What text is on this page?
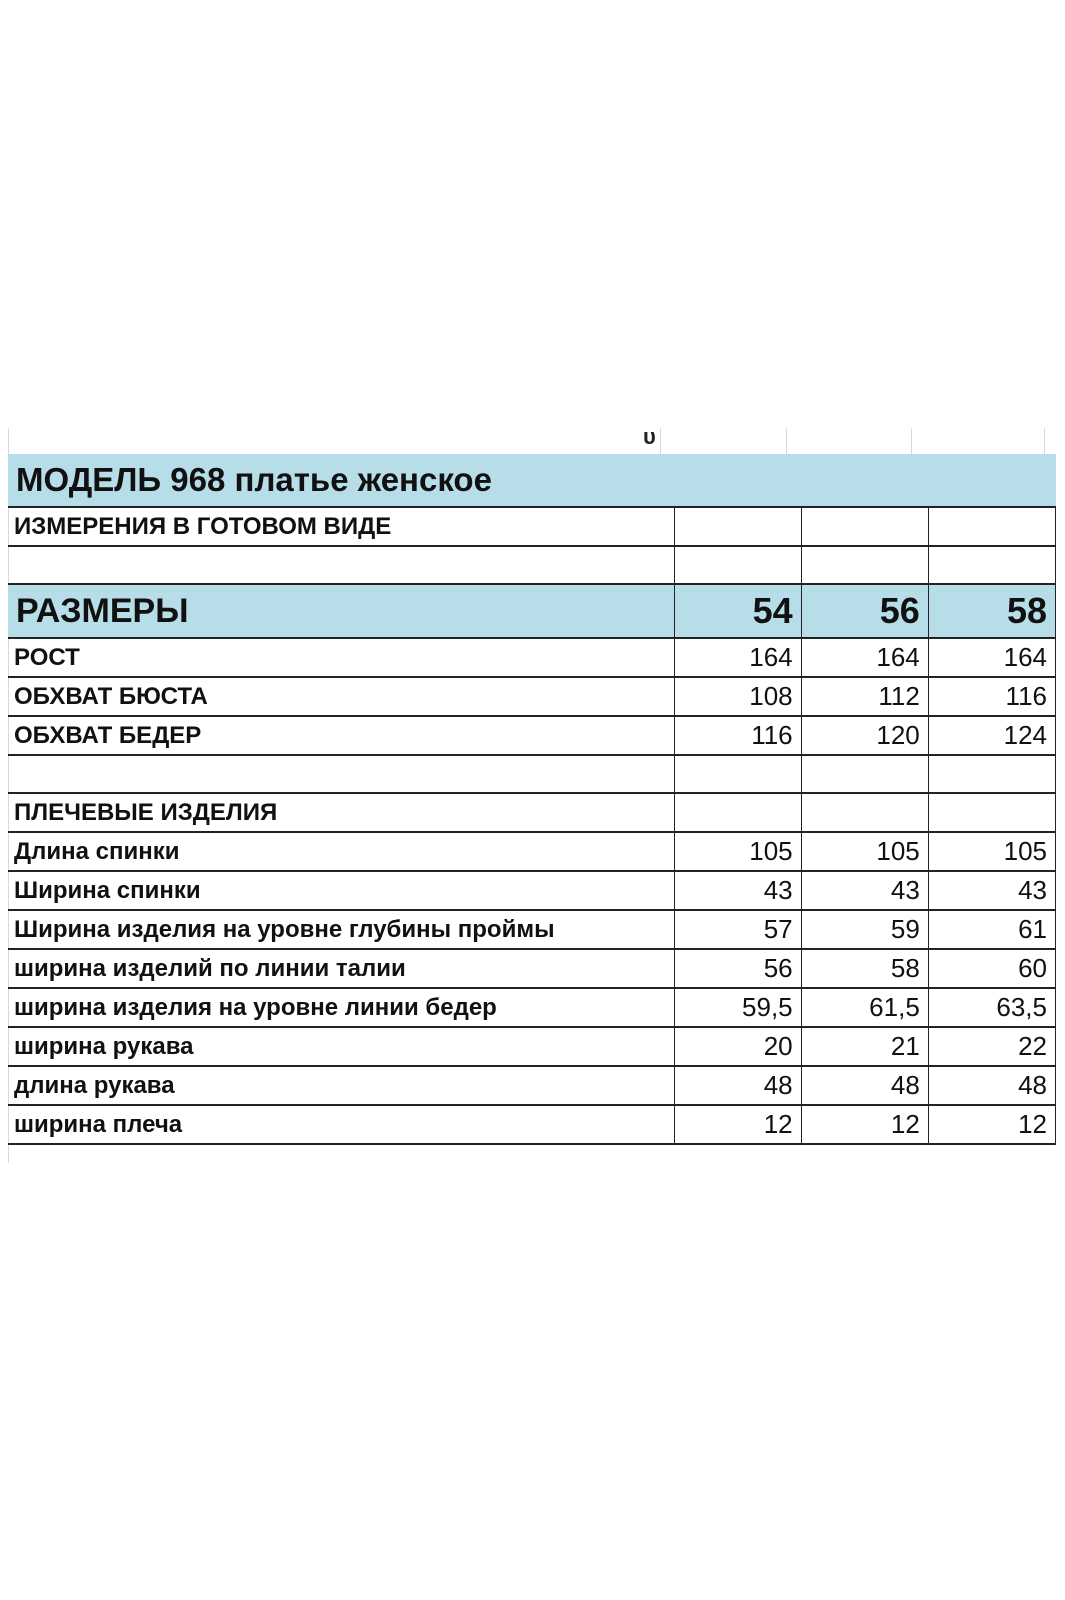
υ
МОДЕЛЬ 968 платье женское			
ИЗМЕРЕНИЯ В ГОТОВОМ ВИДЕ			

РАЗМЕРЫ	54	56	58
РОСТ	164	164	164
ОБХВАТ БЮСТА	108	112	116
ОБХВАТ БЕДЕР	116	120	124

ПЛЕЧЕВЫЕ ИЗДЕЛИЯ			
Длина спинки	105	105	105
Ширина спинки	43	43	43
Ширина изделия на уровне глубины проймы	57	59	61
ширина изделий по линии талии	56	58	60
ширина изделия на уровне линии бедер	59,5	61,5	63,5
ширина рукава	20	21	22
длина рукава	48	48	48
ширина плеча	12	12	12
